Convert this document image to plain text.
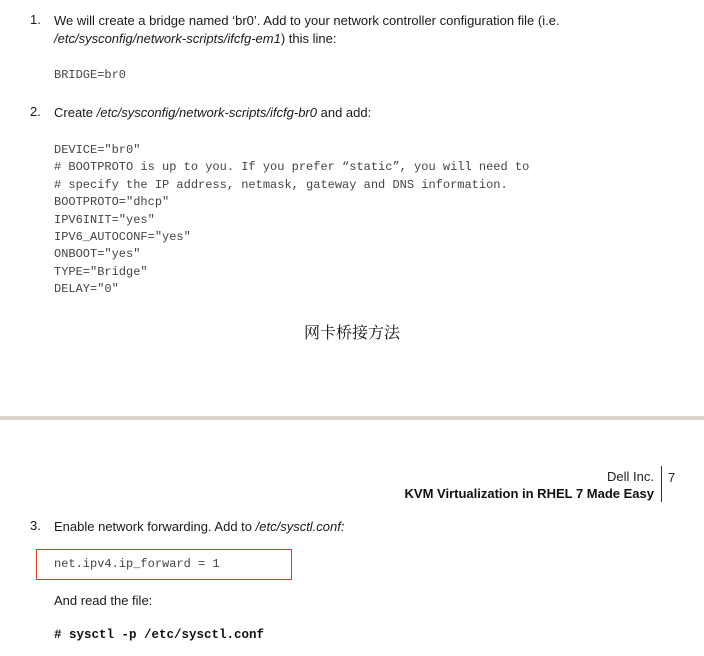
1. We will create a bridge named ‘br0’. Add to your network controller configuration file (i.e.
/etc/sysconfig/network-scripts/ifcfg-em1) this line:
BRIDGE=br0
2. Create /etc/sysconfig/network-scripts/ifcfg-br0 and add:
DEVICE="br0"
# BOOTPROTO is up to you. If you prefer “static”, you will need to
# specify the IP address, netmask, gateway and DNS information.
BOOTPROTO="dhcp"
IPV6INIT="yes"
IPV6_AUTOCONF="yes"
ONBOOT="yes"
TYPE="Bridge"
DELAY="0"
网卡桥接方法
Dell Inc.
KVM Virtualization in RHEL 7 Made Easy
7
3. Enable network forwarding. Add to /etc/sysctl.conf:
net.ipv4.ip_forward = 1
And read the file:
# sysctl -p /etc/sysctl.conf
